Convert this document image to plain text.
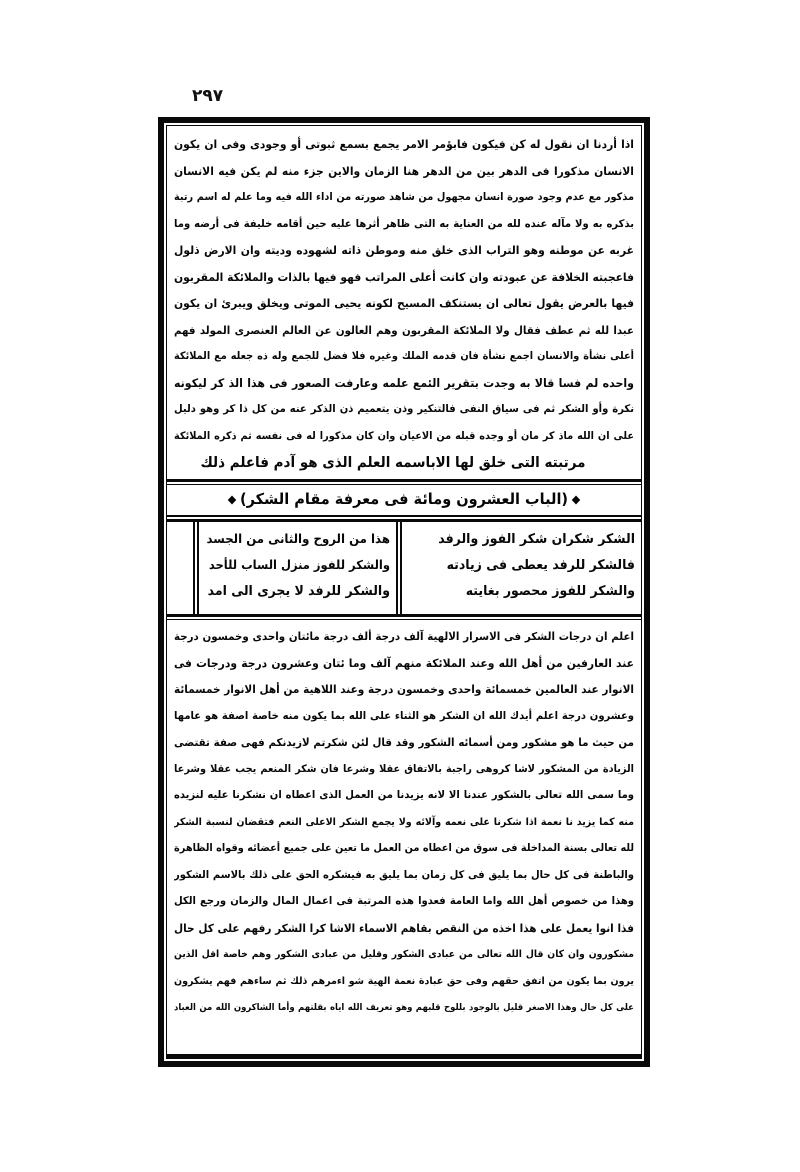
٢٩٧
اذا أردنا ان نقول له كن فيكون فابؤمر الامر يجمع بسمع ثبوتى أو وجودى وفى ان يكون
الانسان مذكورا فى الدهر بين من الدهر هنا الزمان والاين جزء منه لم يكن فيه الانسان
مذكور مع عدم وجود صورة انسان مجهول من شاهد صورته من اداء الله فيه وما علم له اسم رتبة
بذكره به ولا مآله عنده لله من العناية به التى ظاهر أثرها عليه حين أقامه خليفة فى أرضه وما
غربه عن موطنه وهو التراب الذى خلق منه وموطن ذاته لشهوده وديته وان الارض ذلول
فاعجبته الخلافة عن عبودته وان كانت أعلى المراتب فهو فيها بالذات والملائكة المقربون
فيها بالعرض يقول تعالى ان يستنكف المسيح لكونه يحيى الموتى ويخلق ويبرئ ان يكون
عبدا لله ثم عطف فقال ولا الملائكة المقربون وهم العالون عن العالم العنصرى المولد فهم
أعلى نشأة والانسان اجمع نشأة فان قدمه الملك وغيره فلا فضل للجمع وله ذه جعله مع الملائكة
واحده لم فسا قالا به وجدت بتقرير الئمع علمه وعارفت الصعور فى هذا الذ كر ليكونه
نكرة وأو الشكر ثم فى سياق النفى فالتنكير وذن يتعميم ذن الذكر عنه من كل ذا كر وهو دليل
على ان الله ماذ كر مان أو وجده قبله من الاعيان وان كان مذكورا له فى نفسه ثم ذكره الملائكة
مرتبته التى خلق لها الاباسمه العلم الذى هو آدم فاعلم ذلك
(الباب العشرون ومائة فى معرفة مقام الشكر)
الشكر شكران شكر الفوز والرفد
فالشكر للرفد يعطى فى زيادته
والشكر للفوز محصور بغايته
هذا من الروح والثانى من الجسد
والشكر للفوز منزل الساب للأحد
والشكر للرفد لا يجرى الى امد
اعلم ان درجات الشكر فى الاسرار الالهية آلف درجة ألف درجة مائتان واحدى وخمسون درجة
عند العارفين من أهل الله وعند الملائكة منهم آلف وما ئتان وعشرون درجة ودرجات فى
الانوار عند العالمين خمسمائة واحدى وخمسون درجة وعند اللاهية من أهل الانوار خمسمائة
وعشرون درجة اعلم أيدك الله ان الشكر هو الثناء على الله بما يكون منه خاصة اصفة هو عامها
من حيث ما هو مشكور ومن أسمائه الشكور وقد قال لئن شكرتم لازيدنكم فهى صفة تقتضى
الزيادة من المشكور لاشا كروهى راجبة بالاتفاق عقلا وشرعا فان شكر المنعم يجب عقلا وشرعا
وما سمى الله تعالى بالشكور عندنا الا لانه يزيدنا من العمل الذى اعطاه ان نشكرنا عليه لنزيده
منه كما يزيد نا نعمة اذا شكرنا على نعمه وآلائه ولا يجمع الشكر الاعلى النعم فتقضان لنسبة الشكر
لله تعالى بسنة المداخلة فى سوق من اعطاه من العمل ما تعين على جميع أعضائه وقواه الظاهرة
والباطنة فى كل حال بما يليق فى كل زمان بما يليق به فيشكره الحق على ذلك بالاسم الشكور
وهذا من خصوص أهل الله واما العامة فعدوا هذه المرتبة فى اعمال المال والزمان ورجع الكل
فذا انوا يعمل على هذا اخذه من النقص بقاهم الاسماء الاشا كرا الشكر رفهم على كل حال
مشكورون وان كان قال الله تعالى من عبادى الشكور وقليل من عبادى الشكور وهم خاصة اقل الذين
يرون بما يكون من اتفق حقهم وفى حق عبادة نعمة الهية شو اءمرهم ذلك ثم ساءهم فهم يشكرون
على كل حال وهذا الاصغر قليل بالوجود بللوح قلبهم وهو تعريف الله اياه بقلتهم وأما الشاكرون الله من العباد
